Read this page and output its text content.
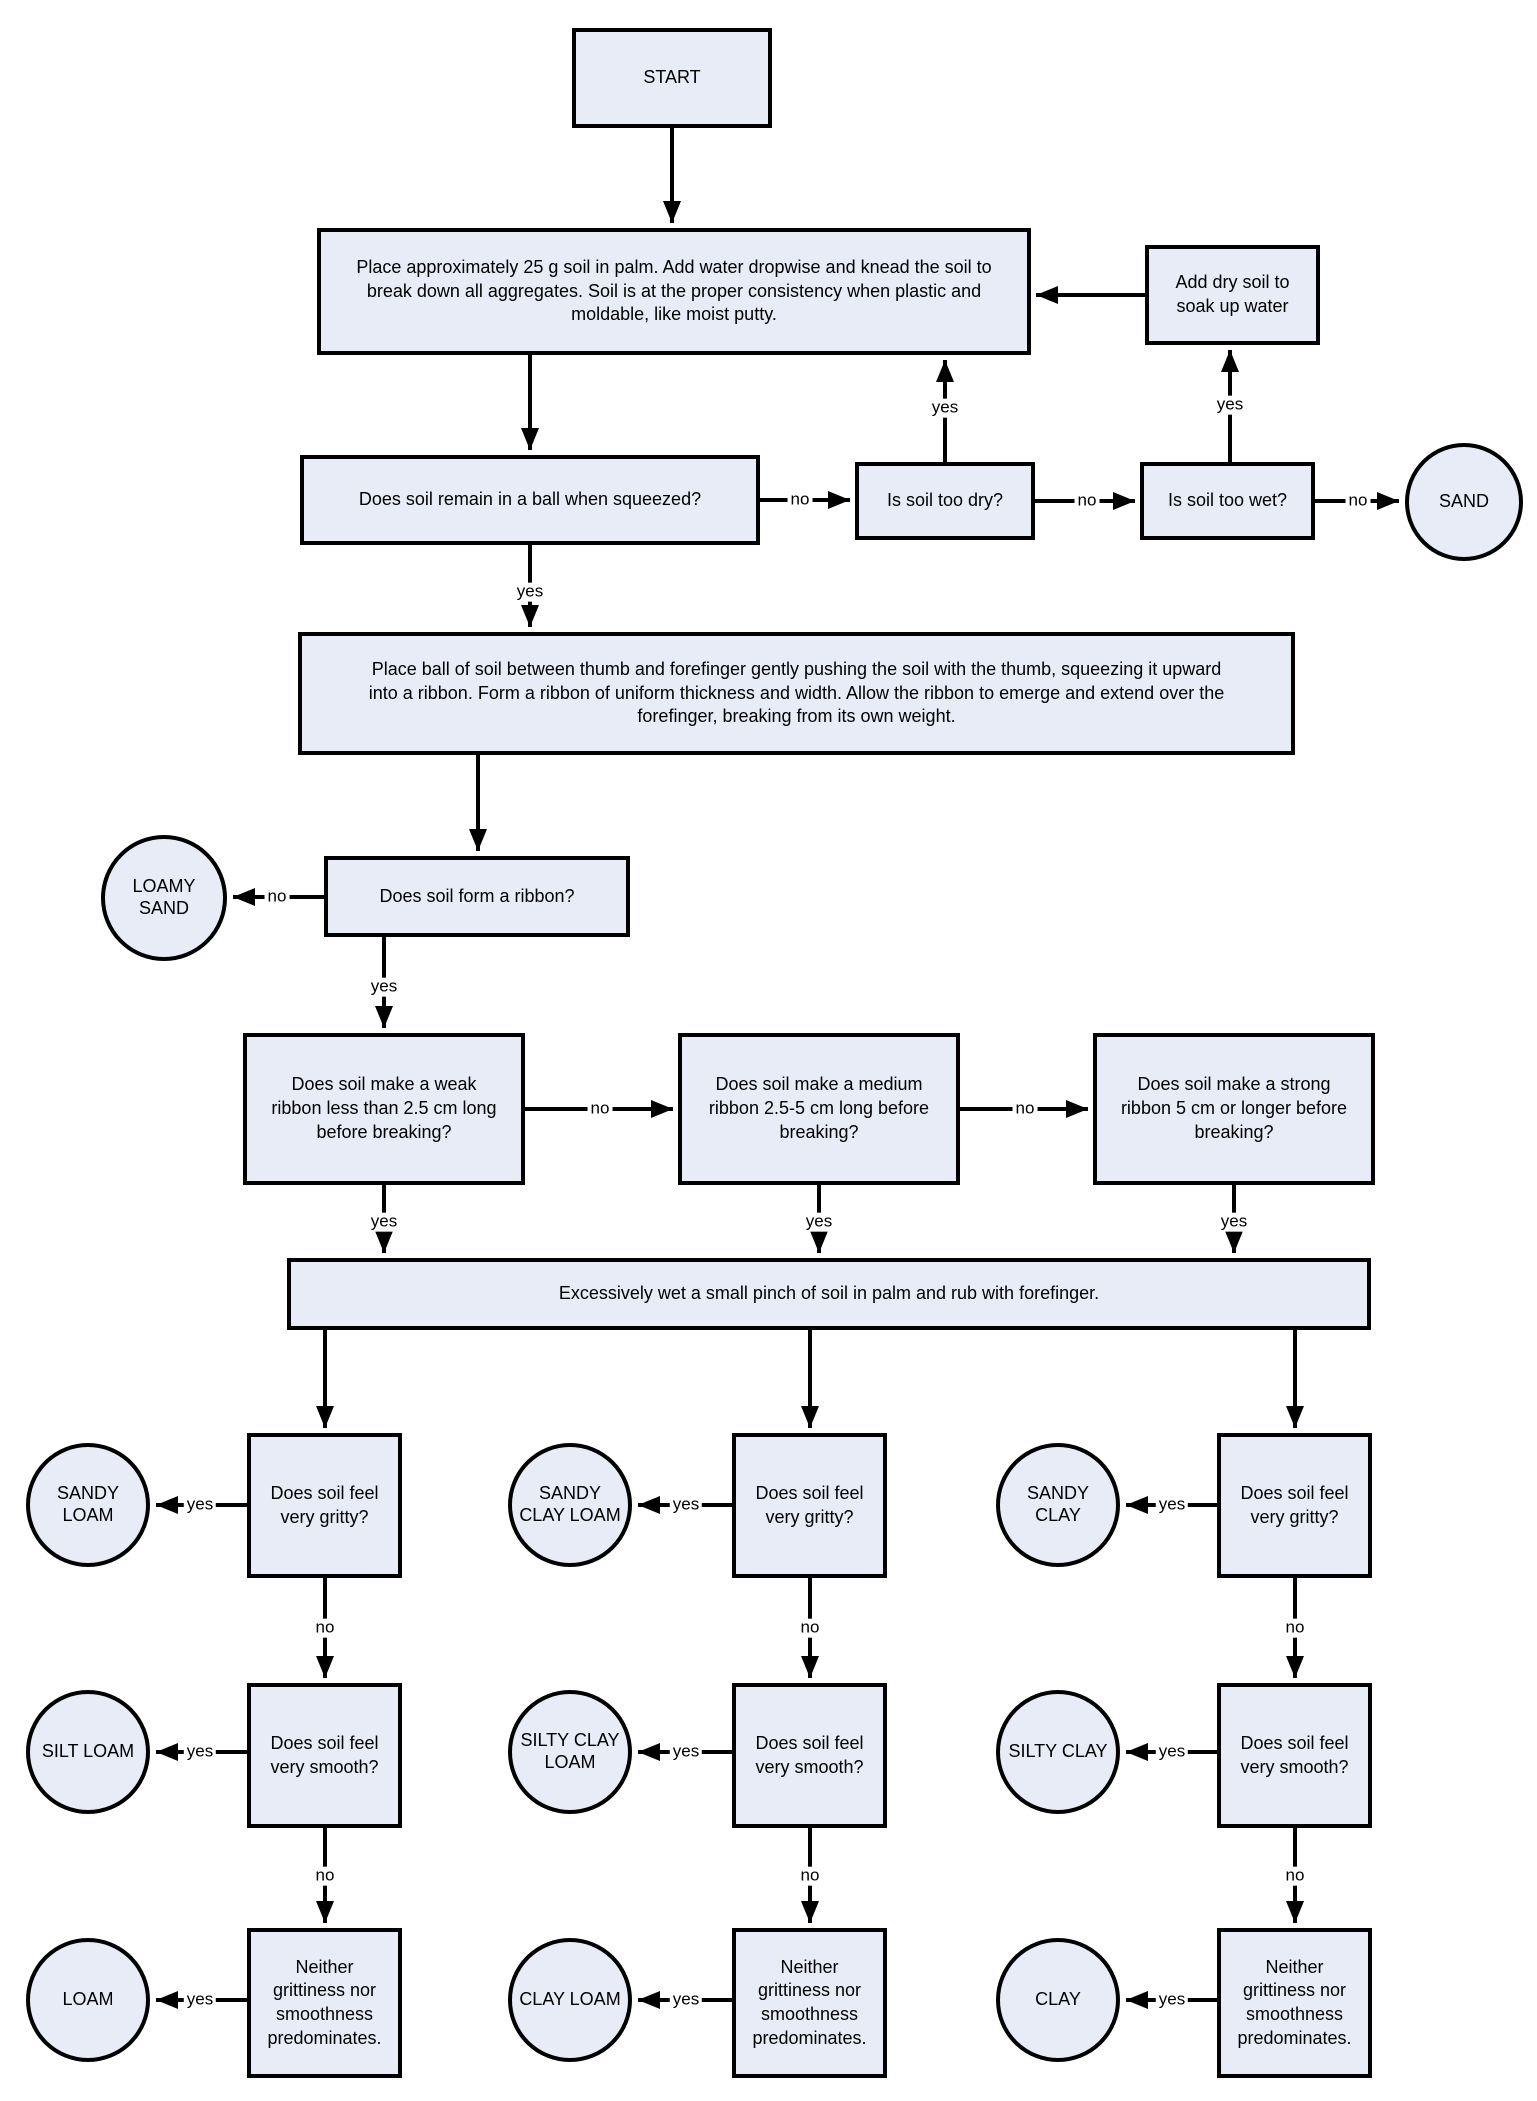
START
Place approximately 25 g soil in palm. Add water dropwise and knead the soil to break down all aggregates. Soil is at the proper consistency when plastic and moldable, like moist putty.
Add dry soil to soak up water
Does soil remain in a ball when squeezed?	Is soil too dry?	Is soil too wet?	SAND
Place ball of soil between thumb and forefinger gently pushing the soil with the thumb, squeezing it upward into a ribbon. Form a ribbon of uniform thickness and width. Allow the ribbon to emerge and extend over the forefinger, breaking from its own weight.
LOAMY SAND
Does soil form a ribbon?
Does soil make a weak ribbon less than 2.5 cm long before breaking?
Does soil make a medium ribbon 2.5-5 cm long before breaking?
Does soil make a strong ribbon 5 cm or longer before breaking?
Excessively wet a small pinch of soil in palm and rub with forefinger.
Does soil feel very gritty?
SANDY LOAM
Does soil feel very smooth?
SILT LOAM
Neither grittiness nor smoothness predominates.
LOAM
Does soil feel very gritty?
SANDY CLAY LOAM
Does soil feel very smooth?
SILTY CLAY LOAM
Neither grittiness nor smoothness predominates.
CLAY LOAM
Does soil feel very gritty?
SANDY CLAY
Does soil feel very smooth?
SILTY CLAY
Neither grittiness nor smoothness predominates.
CLAY
yes	yes
no	no	no
yes
no
yes
no	no
yes	yes	yes
yes	yes	yes
no	no	no
yes	yes	yes
no	no	no
yes	yes	yes
